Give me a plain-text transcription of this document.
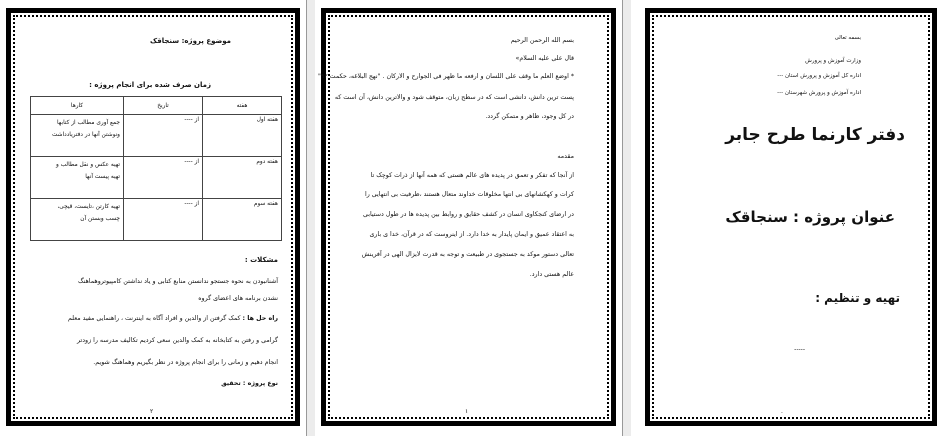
موضوع پروژه: سنجاقک
زمان صرف شده برای انجام پروژه :
هفته	تاریخ	کارها
هفته اول	از ----	جمع آوری مطالب از کتابها
ونوشتن آنها در دفتریادداشت

هفته دوم	از ----	تهیه عکس و نقل مطالب و
تهیه پیست آنها

هفته سوم	از ----	تهیه کارتن ،تایست، قیچی،
چسب وبستن آن
مشکلات :
آشنانبودن به نحوه جستجو ندانستن منابع کتابی و یاد نداشتن کامپیوتروهماهنگ
نشدن برنامه های اعضای گروه
راه حل ها : کمک گرفتن از والدین و افراد آگاه به اینترنت ، راهنمایی مفید معلم
گرامی و رفتن به کتابخانه به کمک والدین سعی کردیم تکالیف مدرسه را زودتر
انجام دهیم و زمانی را برای انجام پروژه در نظر بگیریم وهماهنگ شویم.
نوع پروژه : تحقیق
۲
بسم الله الرحمن الرحیم
قال علی علیه السلام»
* اوضع العلم ما وقف علی اللسان و ارفعه ما ظهر فی الجوارح و الارکان . "نهج البلاغه، حکمت ۹۲"
پست ترین دانش، دانشی است که در سطح زبان، متوقف شود و والاترین دانش، آن است که
در کل وجود، ظاهر و متمکن گردد.
مقدمه
از آنجا که تفکر و تعمق در پدیده های عالم هستی که همه آنها از ذرات کوچک تا
کرات و کهکشانهای بی انتها مخلوقات خداوند متعال هستند ،ظرفیت بی انتهایی را
در ارضای کنجکاوی انسان در کشف حقایق و روابط بین پدیده ها در طول دستیابی
به اعتقاد عمیق و ایمان پایدار به خدا دارد. از اینروست که در قرآن، خدا ی باری
تعالی دستور موکد به جستجوی در طبیعت و توجه به قدرت لایزال الهی در آفرینش
عالم هستی دارد.
۱
بسمه تعالی
وزارت آموزش و پرورش
اداره کل آموزش و پرورش استان ---
اداره آموزش و پرورش شهرستان ---
دفتر کارنما طرح جابر
عنوان پروژه : سنجاقک
تهیه و تنظیم :
-----
.
